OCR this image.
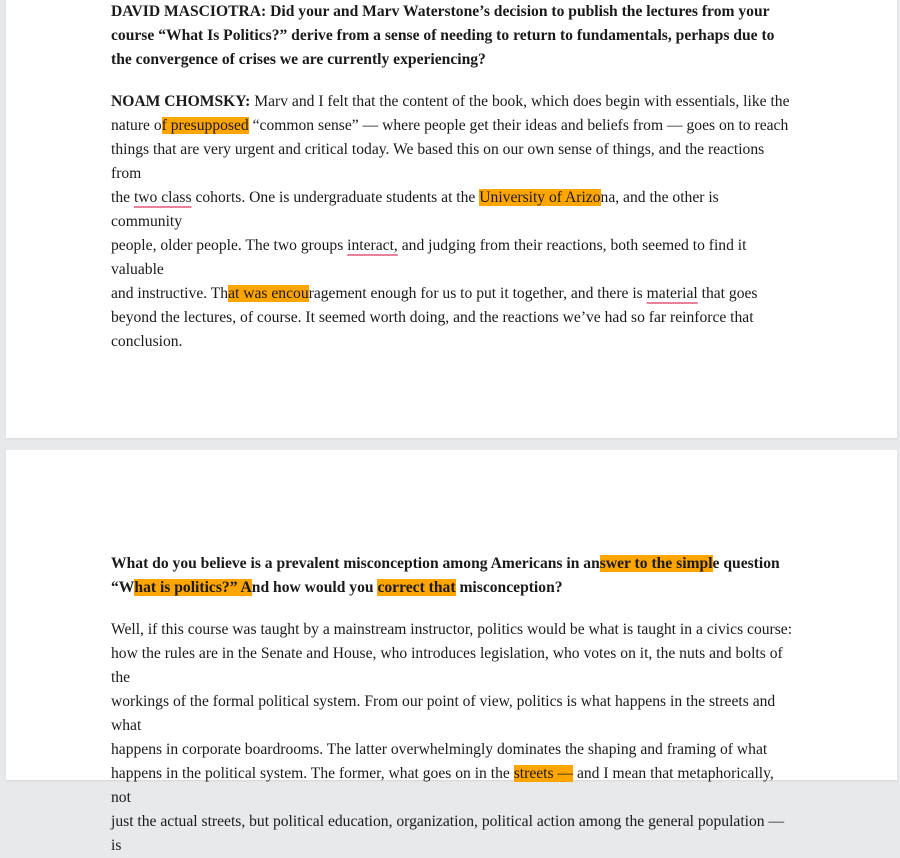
DAVID MASCIOTRA: Did your and Marv Waterstone’s decision to publish the lectures from your

course “What Is Politics?” derive from a sense of needing to return to fundamentals, perhaps due to

the convergence of crises we are currently experiencing?

NOAM CHOMSKY: Marv and I felt that the content of the book, which does begin with essentials, like the

nature of presupposed “common sense” — where people get their ideas and beliefs from — goes on to reach

things that are very urgent and critical today. We based this on our own sense of things, and the reactions from

the two class cohorts. One is undergraduate students at the University of Arizona, and the other is community

people, older people. The two groups interact, and judging from their reactions, both seemed to find it valuable

and instructive. That was encouragement enough for us to put it together, and there is material that goes

beyond the lectures, of course. It seemed worth doing, and the reactions we’ve had so far reinforce that

conclusion.

What do you believe is a prevalent misconception among Americans in answer to the simple question

“What is politics?” And how would you correct that misconception?

Well, if this course was taught by a mainstream instructor, politics would be what is taught in a civics course:

how the rules are in the Senate and House, who introduces legislation, who votes on it, the nuts and bolts of the

workings of the formal political system. From our point of view, politics is what happens in the streets and what

happens in corporate boardrooms. The latter overwhelmingly dominates the shaping and framing of what

happens in the political system. The former, what goes on in the streets — and I mean that metaphorically, not

just the actual streets, but political education, organization, political action among the general population — is
